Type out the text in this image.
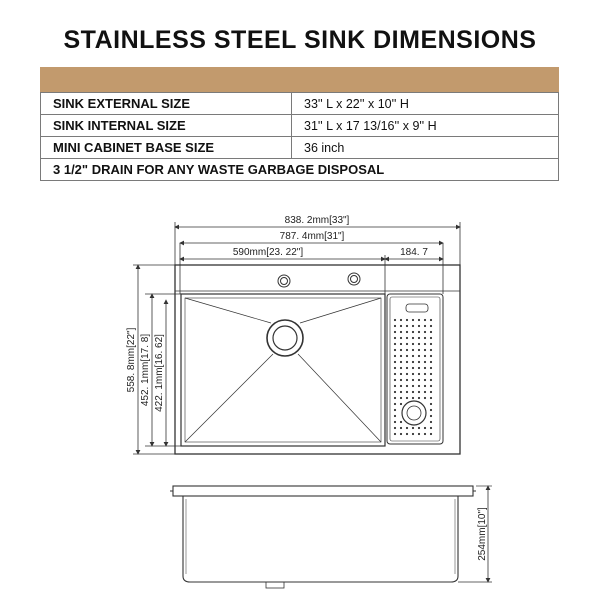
STAINLESS STEEL SINK DIMENSIONS
SINK EXTERNAL SIZE	33'' L x 22'' x 10'' H
SINK INTERNAL SIZE	31'' L x 17 13/16'' x 9'' H
MINI CABINET BASE SIZE	36 inch
3 1/2" DRAIN FOR ANY WASTE GARBAGE DISPOSAL	
838. 2mm[33"]
787. 4mm[31"]
590mm[23. 22"]	184. 7
558. 8mm[22"] 452. 1mm[17. 8] 422. 1mm[16. 62]
254mm[10"]
